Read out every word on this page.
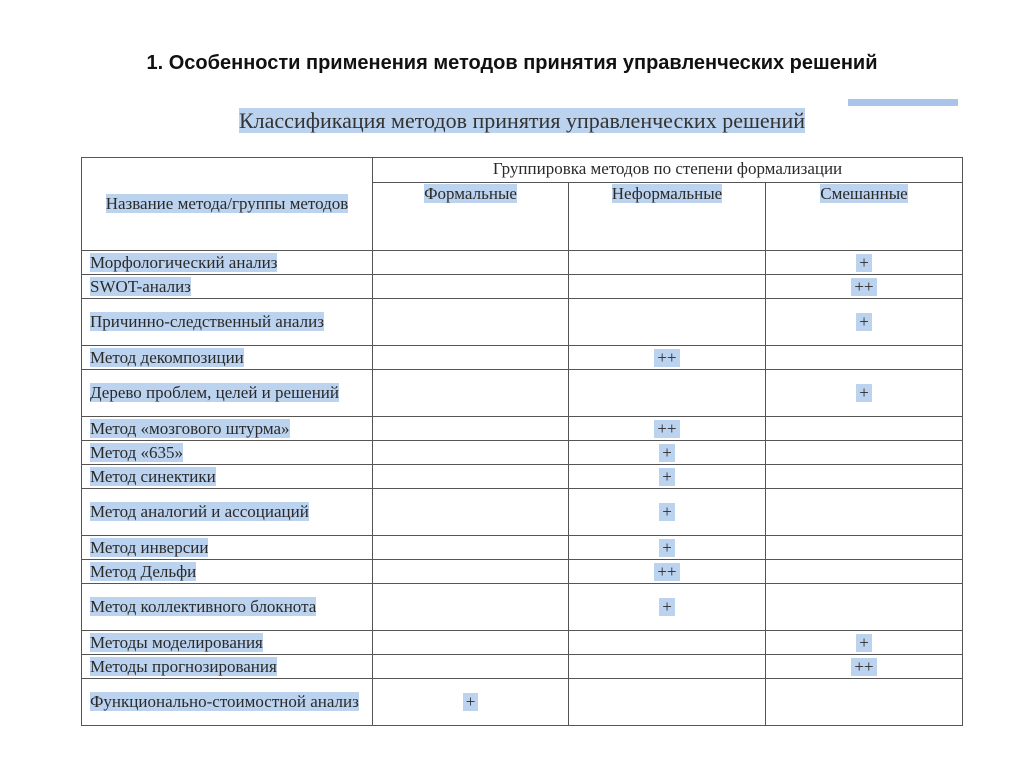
1. Особенности применения методов принятия управленческих решений
Классификация методов принятия управленческих решений
Название метода/группы методов	Группировка методов по степени формализации		
	Формальные	Неформальные	Смешанные
Морфологический анализ			+
SWOT-анализ			++
Причинно-следственный анализ			+
Метод декомпозиции		++	
Дерево проблем, целей и решений			+
Метод «мозгового штурма»		++	
Метод «635»		+	
Метод синектики		+	
Метод аналогий и ассоциаций		+	
Метод инверсии		+	
Метод Дельфи		++	
Метод коллективного блокнота		+	
Методы моделирования			+
Методы прогнозирования			++
Функционально-стоимостной анализ	+		
